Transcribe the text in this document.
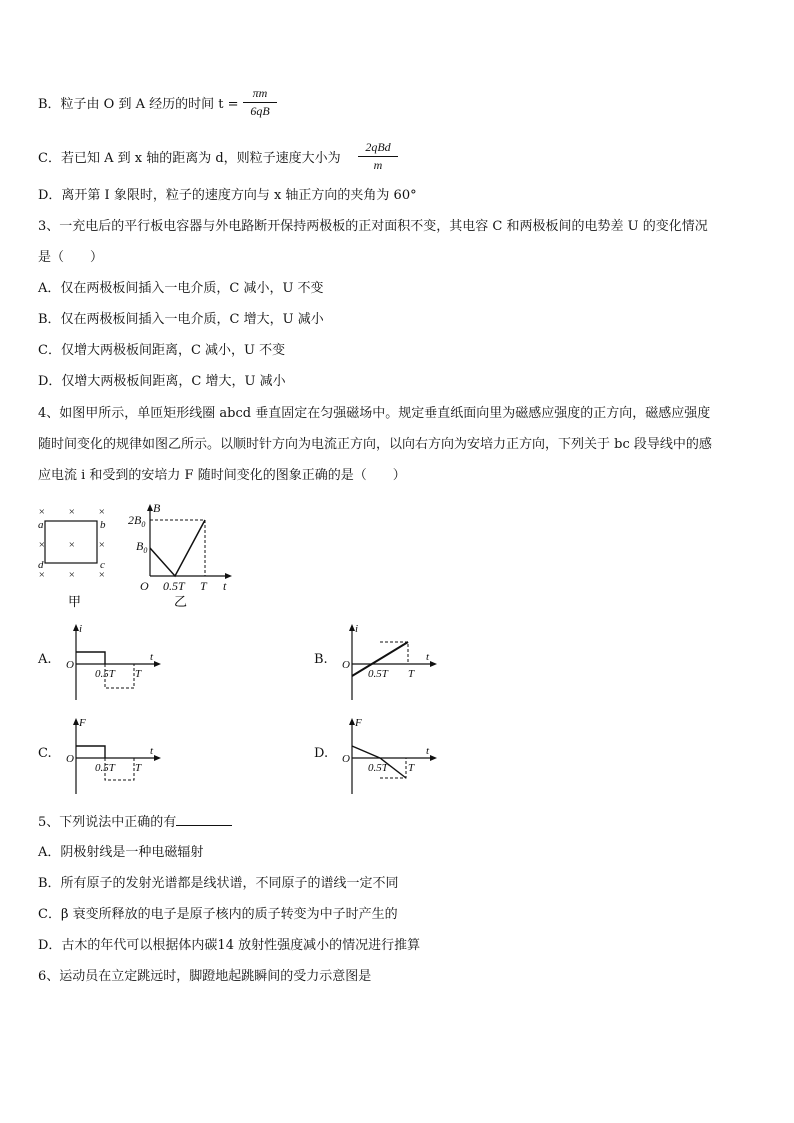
B．粒子由 O 到 A 经历的时间 t =
πm
6qB
C．若已知 A 到 x 轴的距离为 d，则粒子速度大小为
2qBd
m
D．离开第 I 象限时，粒子的速度方向与 x 轴正方向的夹角为 60°
3、一充电后的平行板电容器与外电路断开保持两极板的正对面积不变，其电容 C 和两极板间的电势差 U 的变化情况
是（　　）
A．仅在两极板间插入一电介质，C 减小，U 不变
B．仅在两极板间插入一电介质，C 增大，U 减小
C．仅增大两极板间距离，C 减小，U 不变
D．仅增大两极板间距离，C 增大，U 减小
4、如图甲所示，单匝矩形线圈 abcd 垂直固定在匀强磁场中。规定垂直纸面向里为磁感应强度的正方向，磁感应强度
随时间变化的规律如图乙所示。以顺时针方向为电流正方向，以向右方向为安培力正方向，下列关于 bc 段导线中的感
应电流 i 和受到的安培力 F 随时间变化的图象正确的是（　　）
× × ×
× × ×
× × ×
a	b
c
d
甲
B
$2B_0$
$B_0$
O 0.5T T t
乙
A.
i
O
0.5T T
t	B.
i
O
0.5T T
t
C.
F
O
0.5T T
t	D.
F
O
0.5T T
t
5、下列说法中正确的有
A．阴极射线是一种电磁辐射
B．所有原子的发射光谱都是线状谱，不同原子的谱线一定不同
C．β 衰变所释放的电子是原子核内的质子转变为中子时产生的
D．古木的年代可以根据体内碳14 放射性强度减小的情况进行推算
6、运动员在立定跳远时，脚蹬地起跳瞬间的受力示意图是
